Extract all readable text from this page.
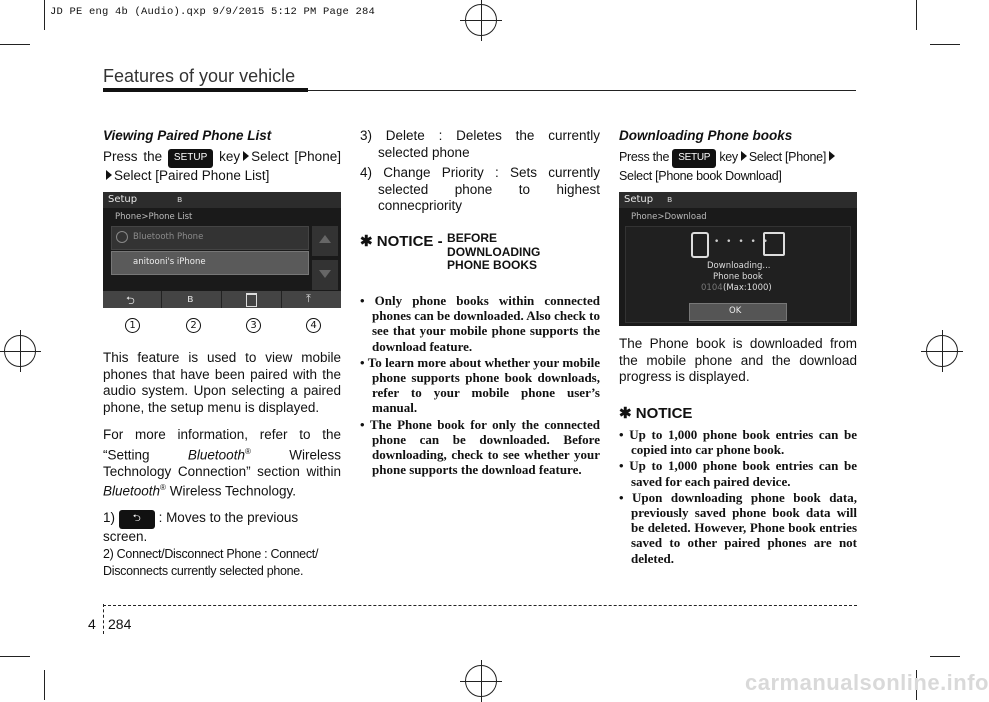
JD PE eng 4b (Audio).qxp 9/9/2015 5:12 PM Page 284
Features of your vehicle
Viewing Paired Phone List
Press the SETUP key Select [Phone]Select [Paired Phone List]
Setup	ʙ
Phone>Phone List
Bluetooth Phone
anitooni's iPhone
⮌	ʙ	⤒
1	2	3	4
This feature is used to view mobile phones that have been paired with the audio system. Upon selecting a paired phone, the setup menu is displayed.
For more information, refer to the “Setting	Bluetooth®	Wireless Technology Connection” section within Bluetooth® Wireless Technology.
1) ⮌ : Moves to the previous screen.
2) Connect/Disconnect Phone : Connect/ Disconnects currently selected phone.
3) Delete : Deletes the currently selected phone
4) Change Priority : Sets currently selected phone to highest connecpriority
✱ NOTICE - BEFORE DOWNLOADING PHONE BOOKS
• Only phone books within connected phones can be downloaded. Also check to see that your mobile phone supports the download feature.
• To learn more about whether your mobile phone supports phone book downloads, refer to your mobile phone user’s manual.
• The Phone book for only the connected phone can be downloaded. Before downloading, check to see whether your phone supports the download feature.
Downloading Phone books
Press the SETUP key Select [Phone] Select [Phone book Download]
Setup ʙ
Phone>Download
• • • • •
Downloading...
Phone book
0104 (Max:1000)
OK
The Phone book is downloaded from the mobile phone and the download progress is displayed.
✱ NOTICE
• Up to 1,000 phone book entries can be copied into car phone book.
• Up to 1,000 phone book entries can be saved for each paired device.
• Upon downloading phone book data, previously saved phone book data will be deleted. However, Phone book entries saved to other paired phones are not deleted.
4 284
carmanualsonline.info
